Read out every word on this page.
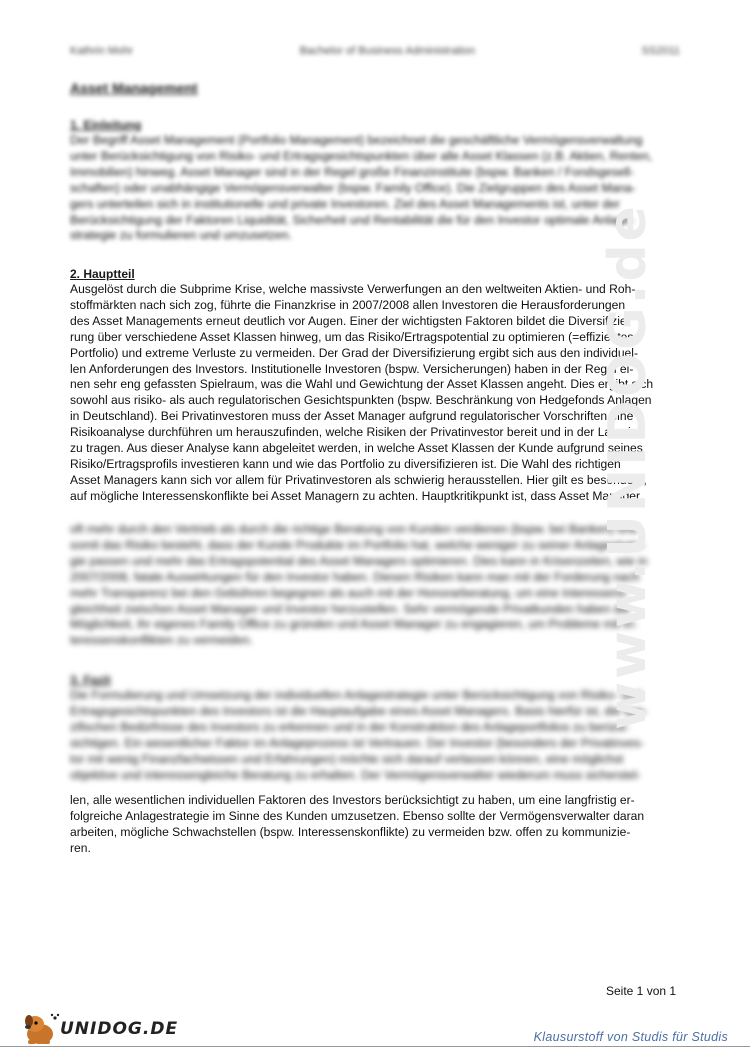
Kathrin Mohr	Bachelor of Business Administration	SS2011
Asset Management
1. Einleitung

Der Begriff Asset Management (Portfolio Management) bezeichnet die geschäftliche Vermögensverwaltung
unter Berücksichtigung von Risiko- und Ertragsgesichtspunkten über alle Asset Klassen (z.B. Aktien, Renten,
Immobilien) hinweg. Asset Manager sind in der Regel große Finanzinstitute (bspw. Banken / Fondsgesell-
schaften) oder unabhängige Vermögensverwalter (bspw. Family Office). Die Zielgruppen des Asset Mana-
gers unterteilen sich in institutionelle und private Investoren. Ziel des Asset Managements ist, unter der
Berücksichtigung der Faktoren Liquidität, Sicherheit und Rentabilität die für den Investor optimale Anlage-
strategie zu formulieren und umzusetzen.

2. Hauptteil

Ausgelöst durch die Subprime Krise, welche massivste Verwerfungen an den weltweiten Aktien- und Roh-
stoffmärkten nach sich zog, führte die Finanzkrise in 2007/2008 allen Investoren die Herausforderungen
des Asset Managements erneut deutlich vor Augen. Einer der wichtigsten Faktoren bildet die Diversifizie-
rung über verschiedene Asset Klassen hinweg, um das Risiko/Ertragspotential zu optimieren (=effizientes
Portfolio) und extreme Verluste zu vermeiden. Der Grad der Diversifizierung ergibt sich aus den individuel-
len Anforderungen des Investors. Institutionelle Investoren (bspw. Versicherungen) haben in der Regel ei-
nen sehr eng gefassten Spielraum, was die Wahl und Gewichtung der Asset Klassen angeht. Dies ergibt sich
sowohl aus risiko- als auch regulatorischen Gesichtspunkten (bspw. Beschränkung von Hedgefonds Anlagen
in Deutschland). Bei Privatinvestoren muss der Asset Manager aufgrund regulatorischer Vorschriften eine
Risikoanalyse durchführen um herauszufinden, welche Risiken der Privatinvestor bereit und in der Lage ist,
zu tragen. Aus dieser Analyse kann abgeleitet werden, in welche Asset Klassen der Kunde aufgrund seines
Risiko/Ertragsprofils investieren kann und wie das Portfolio zu diversifizieren ist. Die Wahl des richtigen
Asset Managers kann sich vor allem für Privatinvestoren als schwierig herausstellen. Hier gilt es besonders,
auf mögliche Interessenskonflikte bei Asset Managern zu achten. Hauptkritikpunkt ist, dass Asset Manager

oft mehr durch den Vertrieb als durch die richtige Beratung von Kunden verdienen (bspw. bei Banken) und
somit das Risiko besteht, dass der Kunde Produkte im Portfolio hat, welche weniger zu seiner Anlagestrate-
gie passen und mehr das Ertragspotential des Asset Managers optimieren. Dies kann in Krisenzeiten, wie in
2007/2008, fatale Auswirkungen für den Investor haben. Diesen Risiken kann man mit der Forderung nach
mehr Transparenz bei den Gebühren begegnen als auch mit der Honorarberatung, um eine Interessens-
gleichheit zwischen Asset Manager und Investor herzustellen. Sehr vermögende Privatkunden haben die
Möglichkeit, ihr eigenes Family Office zu gründen und Asset Manager zu engagieren, um Probleme mit In-
teressenskonflikten zu vermeiden.

3. Fazit

Die Formulierung und Umsetzung der individuellen Anlagestrategie unter Berücksichtigung von Risiko- und
Ertragsgesichtspunkten des Investors ist die Hauptaufgabe eines Asset Managers. Basis hierfür ist, die spe-
zifischen Bedürfnisse des Investors zu erkennen und in der Konstruktion des Anlageportfolios zu berück-
sichtigen. Ein wesentlicher Faktor im Anlageprozess ist Vertrauen. Der Investor (besonders der Privatinves-
tor mit wenig Finanzfachwissen und Erfahrungen) möchte sich darauf verlassen können, eine möglichst
objektive und interessengleiche Beratung zu erhalten. Der Vermögensverwalter wiederum muss sicherstel-

len, alle wesentlichen individuellen Faktoren des Investors berücksichtigt zu haben, um eine langfristig er-
folgreiche Anlagestrategie im Sinne des Kunden umzusetzen. Ebenso sollte der Vermögensverwalter daran
arbeiten, mögliche Schwachstellen (bspw. Interessenskonflikte) zu vermeiden bzw. offen zu kommunizie-
ren.

www.UNIDOG.de
Seite 1 von 1
UNIDOG.DE	Klausurstoff von Studis für Studis
